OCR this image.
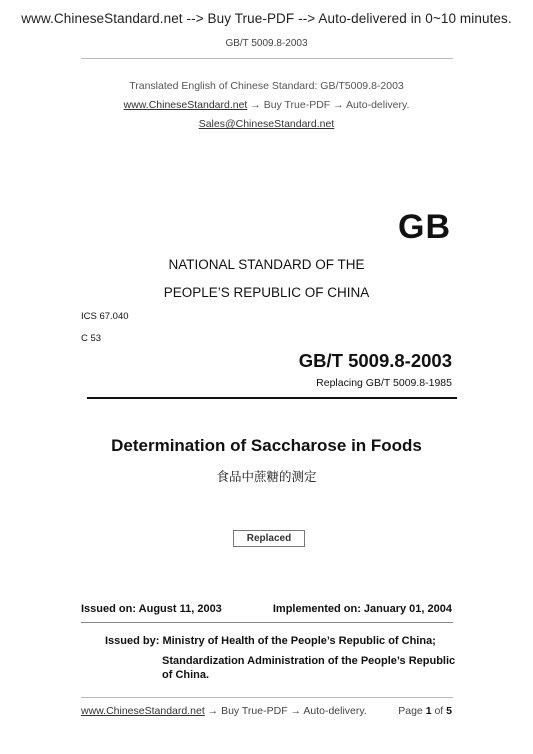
www.ChineseStandard.net --> Buy True-PDF --> Auto-delivered in 0~10 minutes.
GB/T 5009.8-2003
Translated English of Chinese Standard: GB/T5009.8-2003
www.ChineseStandard.net → Buy True-PDF → Auto-delivery.
Sales@ChineseStandard.net
GB
NATIONAL STANDARD OF THE
PEOPLE’S REPUBLIC OF CHINA
ICS 67.040
C 53
GB/T 5009.8-2003
Replacing GB/T 5009.8-1985
Determination of Saccharose in Foods
食品中蔗糖的测定
Replaced
Issued on: August 11, 2003	Implemented on: January 01, 2004
Issued by: Ministry of Health of the People’s Republic of China;
Standardization Administration of the People’s Republic
of China.
www.ChineseStandard.net → Buy True-PDF → Auto-delivery.	Page 1 of 5
